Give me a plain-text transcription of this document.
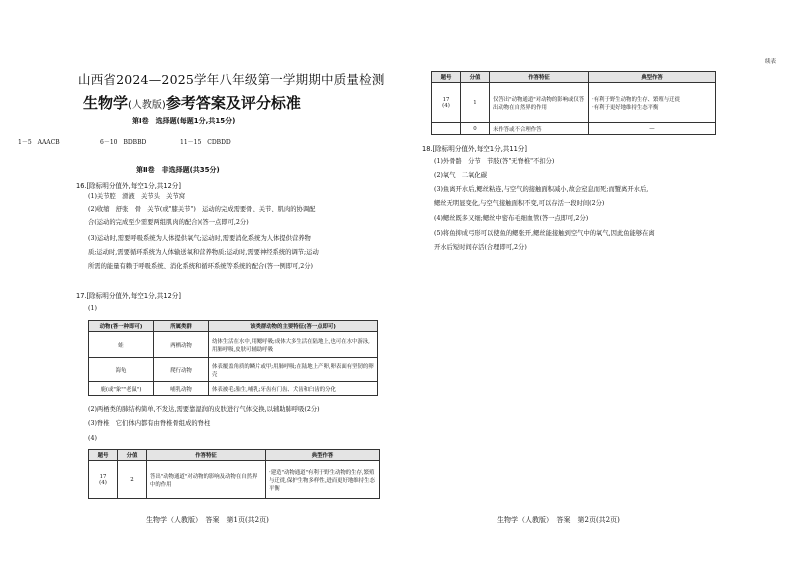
山西省2024—2025学年八年级第一学期期中质量检测
生物学(人教版)参考答案及评分标准
第Ⅰ卷　选择题(每题1分,共15分)
1－5　AAACB	6－10　BDBBD	11－15　CDBDD
第Ⅱ卷　非选择题(共35分)
16.[除标明分值外,每空1分,共12分]
(1)关节腔　滑液　关节头　关节窝
(2)收缩　舒张　骨　关节(或"膝关节")　运动的完成需要骨、关节、肌肉的协调配
合(运动的完成至少需要两组肌肉的配合)(答一点即可,2分)
(3)运动时,需要呼吸系统为人体提供氧气;运动时,需要消化系统为人体提供营养物
质;运动时,需要循环系统为人体输送氧和营养物质;运动时,需要神经系统的调节;运动
所需的能量有赖于呼吸系统、消化系统和循环系统等系统的配合(答一例即可,2分)
17.[除标明分值外,每空1分,共12分]
(1)
动物(答一种即可)	所属类群	该类群动物的主要特征(答一点即可)
蛙	两栖动物	幼体生活在水中,用鳃呼吸;成体大多生活在陆地上,也可在水中游泳,用肺呼吸,皮肤可辅助呼吸
海龟	爬行动物	体表覆盖角质的鳞片或甲;用肺呼吸;在陆地上产卵,卵表面有坚韧的卵壳
鹿(或"象""老鼠")	哺乳动物	体表被毛;胎生,哺乳;牙齿有门齿、犬齿和臼齿的分化
(2)两栖类的肺结构简单,不发达,需要靠湿润的皮肤进行气体交换,以辅助肺呼吸(2分)
(3)脊椎　它们体内都有由脊椎骨组成的脊柱
(4)
题号	分值	作答特征	典型作答
17
(4)	2	答出"动物通道"对动物的影响及动物在自然界中的作用	·建造"动物通道"有利于野生动物的生存,繁殖与迁徙,保护生物多样性,进而更好地维持生态平衡
生物学（人教版）　答案　第1页(共2页)
续表
题号	分值	作答特征	典型作答
17
(4)	1	仅答出"动物通道"对动物的影响或仅答出动物在自然界的作用	·有利于野生动物的生存、繁殖与迁徙
·有利于更好地维持生态平衡
	0	未作答或不合理作答	—
18.[除标明分值外,每空1分,共11分]
(1)外骨骼　分节　节肢(答"无脊椎"不扣分)
(2)氧气　二氧化碳
(3)鱼离开水后,鳃丝粘连,与空气的接触面积减小,故会窒息而死;而蟹离开水后,
鳃丝无明显变化,与空气接触面积不变,可以存活一段时间(2分)
(4)鳃丝既多又细;鳃丝中密布毛细血管(答一点即可,2分)
(5)将鱼抑成弓形可以使鱼的鳃张开,鳃丝能接触到空气中的氧气,因此鱼能够在离
开水后短时间存活(合理即可,2分)
生物学（人教版）　答案　第2页(共2页)
